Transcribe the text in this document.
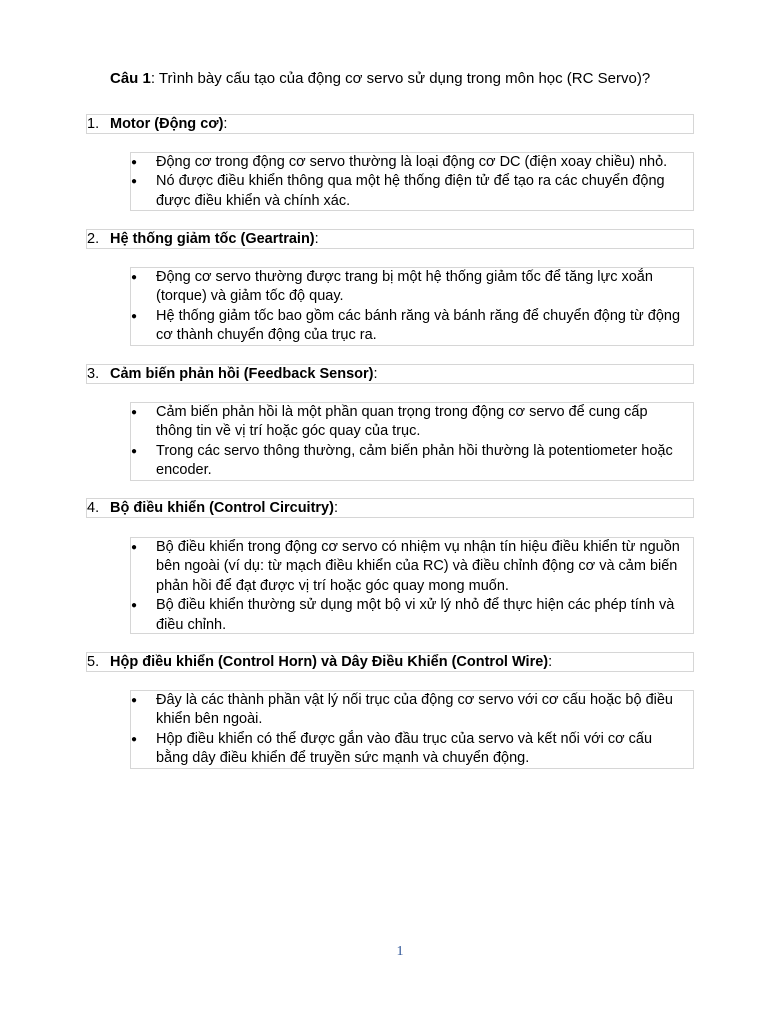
Câu 1: Trình bày cấu tạo của động cơ servo sử dụng trong môn học (RC Servo)?
1. Motor (Động cơ):
● Động cơ trong động cơ servo thường là loại động cơ DC (điện xoay chiều) nhỏ.
● Nó được điều khiển thông qua một hệ thống điện tử để tạo ra các chuyển động được điều khiển và chính xác.
2. Hệ thống giảm tốc (Geartrain):
● Động cơ servo thường được trang bị một hệ thống giảm tốc để tăng lực xoắn (torque) và giảm tốc độ quay.
● Hệ thống giảm tốc bao gồm các bánh răng và bánh răng để chuyển động từ động cơ thành chuyển động của trục ra.
3. Cảm biến phản hồi (Feedback Sensor):
● Cảm biến phản hồi là một phần quan trọng trong động cơ servo để cung cấp thông tin về vị trí hoặc góc quay của trục.
● Trong các servo thông thường, cảm biến phản hồi thường là potentiometer hoặc encoder.
4. Bộ điều khiển (Control Circuitry):
● Bộ điều khiển trong động cơ servo có nhiệm vụ nhận tín hiệu điều khiển từ nguồn bên ngoài (ví dụ: từ mạch điều khiển của RC) và điều chỉnh động cơ và cảm biến phản hồi để đạt được vị trí hoặc góc quay mong muốn.
● Bộ điều khiển thường sử dụng một bộ vi xử lý nhỏ để thực hiện các phép tính và điều chỉnh.
5. Hộp điều khiển (Control Horn) và Dây Điều Khiển (Control Wire):
● Đây là các thành phần vật lý nối trục của động cơ servo với cơ cấu hoặc bộ điều khiển bên ngoài.
● Hộp điều khiển có thể được gắn vào đầu trục của servo và kết nối với cơ cấu bằng dây điều khiển để truyền sức mạnh và chuyển động.
1
